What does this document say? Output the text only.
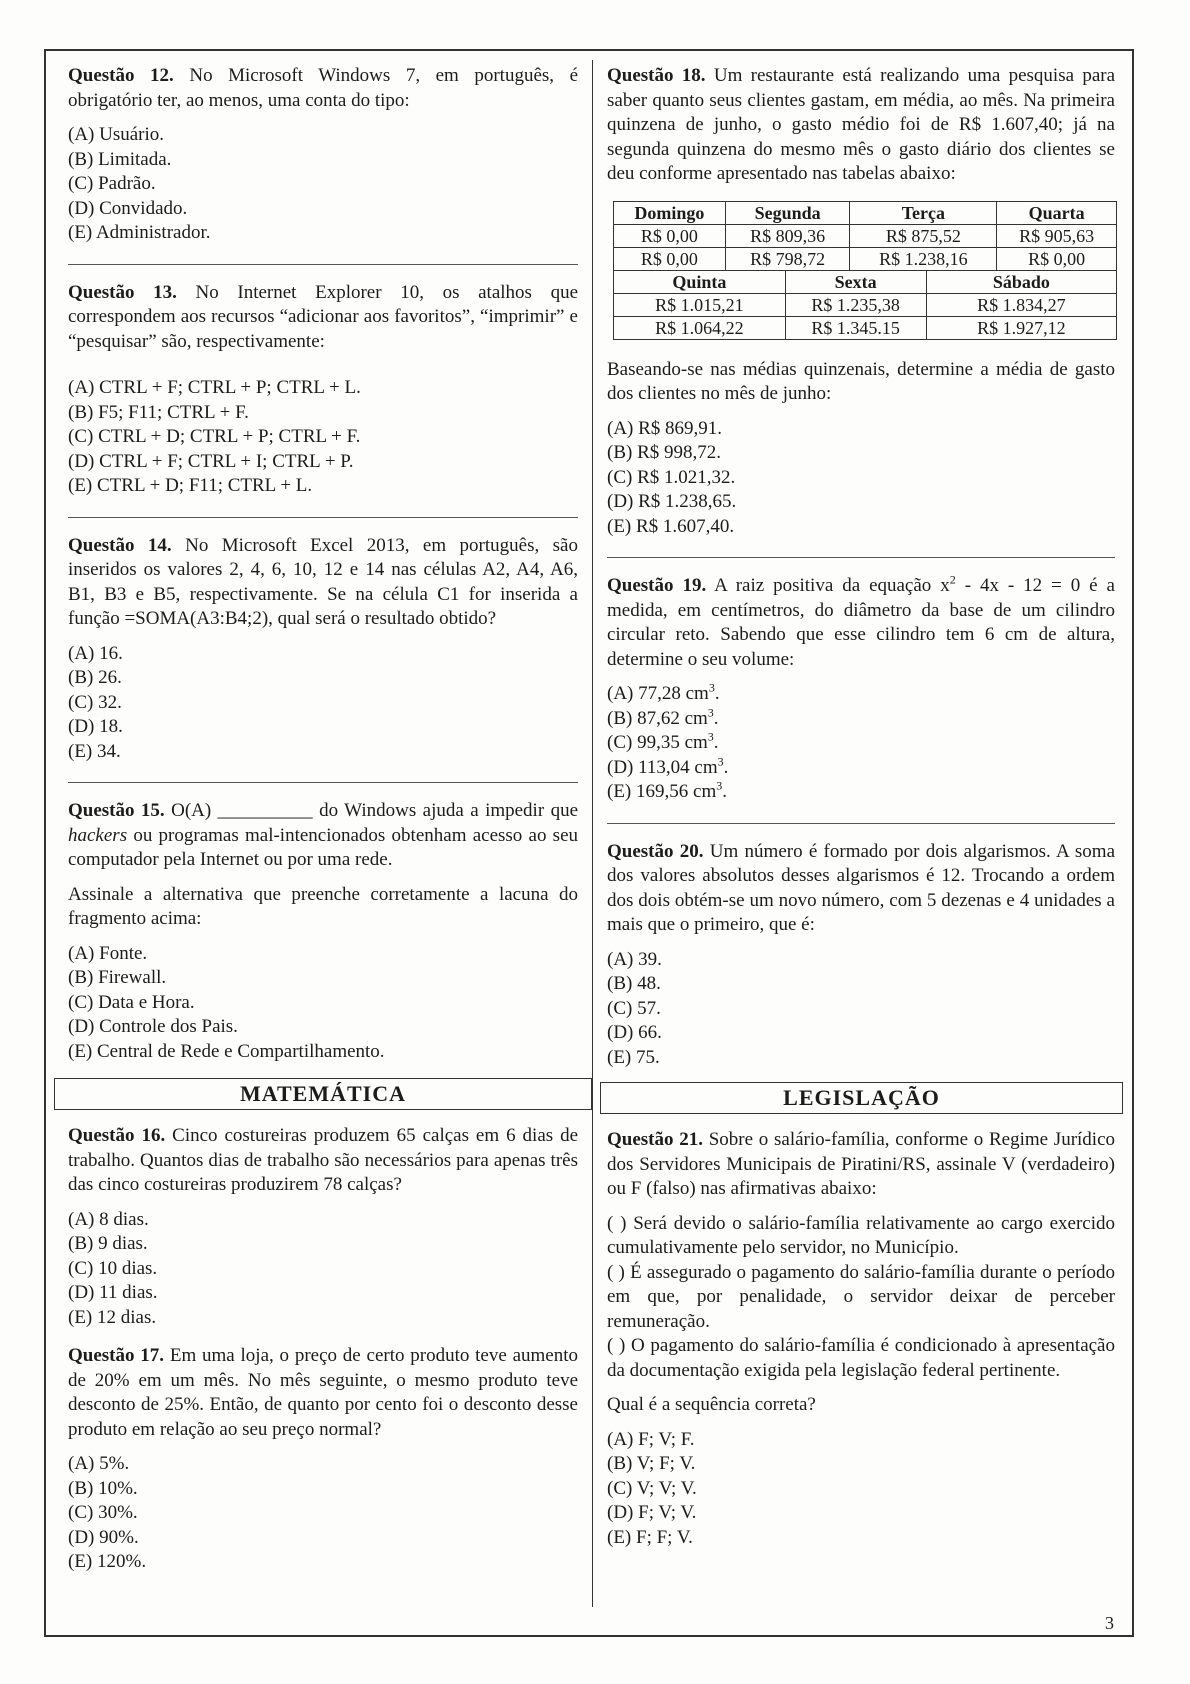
Questão 12. No Microsoft Windows 7, em português, é obrigatório ter, ao menos, uma conta do tipo:

(A) Usuário.
(B) Limitada.
(C) Padrão.
(D) Convidado.
(E) Administrador.

Questão 13. No Internet Explorer 10, os atalhos que correspondem aos recursos “adicionar aos favoritos”, “imprimir” e “pesquisar” são, respectivamente:

(A) CTRL + F; CTRL + P; CTRL + L.
(B) F5; F11; CTRL + F.
(C) CTRL + D; CTRL + P; CTRL + F.
(D) CTRL + F; CTRL + I; CTRL + P.
(E) CTRL + D; F11; CTRL + L.

Questão 14. No Microsoft Excel 2013, em português, são inseridos os valores 2, 4, 6, 10, 12 e 14 nas células A2, A4, A6, B1, B3 e B5, respectivamente. Se na célula C1 for inserida a função =SOMA(A3:B4;2), qual será o resultado obtido?

(A) 16.
(B) 26.
(C) 32.
(D) 18.
(E) 34.

Questão 15. O(A) __________ do Windows ajuda a impedir que hackers ou programas mal-intencionados obtenham acesso ao seu computador pela Internet ou por uma rede.

Assinale a alternativa que preenche corretamente a lacuna do fragmento acima:

(A) Fonte.
(B) Firewall.
(C) Data e Hora.
(D) Controle dos Pais.
(E) Central de Rede e Compartilhamento.
MATEMÁTICA

Questão 16. Cinco costureiras produzem 65 calças em 6 dias de trabalho. Quantos dias de trabalho são necessários para apenas três das cinco costureiras produzirem 78 calças?

(A) 8 dias.
(B) 9 dias.
(C) 10 dias.
(D) 11 dias.
(E) 12 dias.

Questão 17. Em uma loja, o preço de certo produto teve aumento de 20% em um mês. No mês seguinte, o mesmo produto teve desconto de 25%. Então, de quanto por cento foi o desconto desse produto em relação ao seu preço normal?

(A) 5%.
(B) 10%.
(C) 30%.
(D) 90%.
(E) 120%.

Questão 18. Um restaurante está realizando uma pesquisa para saber quanto seus clientes gastam, em média, ao mês. Na primeira quinzena de junho, o gasto médio foi de R$ 1.607,40; já na segunda quinzena do mesmo mês o gasto diário dos clientes se deu conforme apresentado nas tabelas abaixo:

Domingo	Segunda		Terça		Quarta
R$ 0,00	R$ 809,36		R$ 875,52		R$ 905,63
R$ 0,00	R$ 798,72		R$ 1.238,16		R$ 0,00
Quinta		Sexta		Sábado	
R$ 1.015,21		R$ 1.235,38		R$ 1.834,27	
R$ 1.064,22		R$ 1.345.15		R$ 1.927,12	

Baseando-se nas médias quinzenais, determine a média de gasto dos clientes no mês de junho:

(A) R$ 869,91.
(B) R$ 998,72.
(C) R$ 1.021,32.
(D) R$ 1.238,65.
(E) R$ 1.607,40.

Questão 19. A raiz positiva da equação $x^2 - 4x - 12 = 0$ é a medida, em centímetros, do diâmetro da base de um cilindro circular reto. Sabendo que esse cilindro tem 6 cm de altura, determine o seu volume:

(A) 77,28 $cm^3$.
(B) 87,62 $cm^3$.
(C) 99,35 $cm^3$.
(D) 113,04 $cm^3$.
(E) 169,56 $cm^3$.

Questão 20. Um número é formado por dois algarismos. A soma dos valores absolutos desses algarismos é 12. Trocando a ordem dos dois obtém-se um novo número, com 5 dezenas e 4 unidades a mais que o primeiro, que é:

(A) 39.
(B) 48.
(C) 57.
(D) 66.
(E) 75.
LEGISLAÇÃO

Questão 21. Sobre o salário-família, conforme o Regime Jurídico dos Servidores Municipais de Piratini/RS, assinale V (verdadeiro) ou F (falso) nas afirmativas abaixo:

( ) Será devido o salário-família relativamente ao cargo exercido cumulativamente pelo servidor, no Município.

( ) É assegurado o pagamento do salário-família durante o período em que, por penalidade, o servidor deixar de perceber remuneração.

( ) O pagamento do salário-família é condicionado à apresentação da documentação exigida pela legislação federal pertinente.

Qual é a sequência correta?

(A) F; V; F.
(B) V; F; V.
(C) V; V; V.
(D) F; V; V.
(E) F; F; V.
3
